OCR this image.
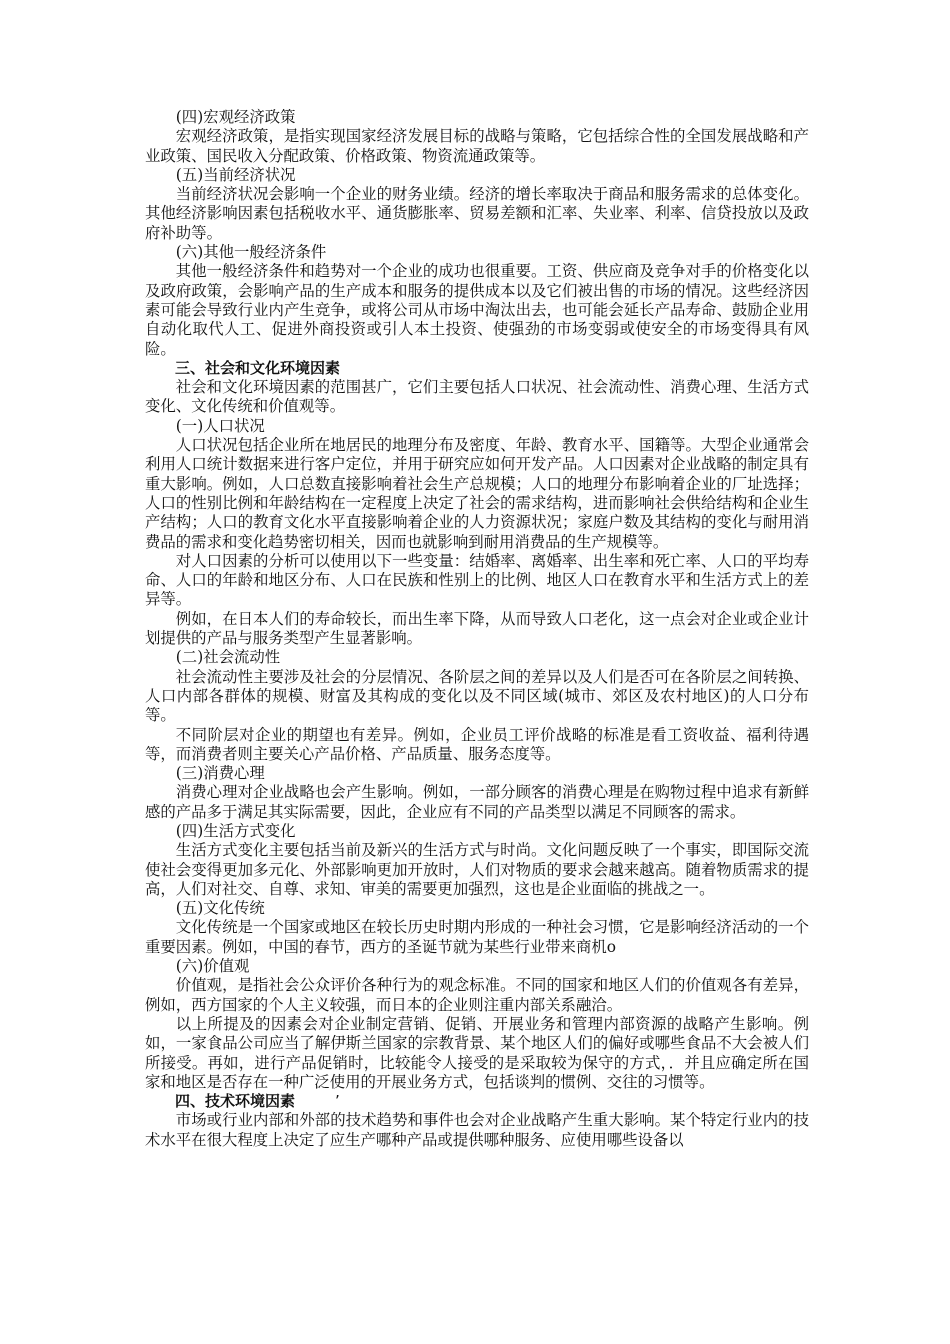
(四)宏观经济政策

宏观经济政策，是指实现国家经济发展目标的战略与策略，它包括综合性的全国发展战略和产业政策、国民收入分配政策、价格政策、物资流通政策等。

(五)当前经济状况

当前经济状况会影响一个企业的财务业绩。经济的增长率取决于商品和服务需求的总体变化。其他经济影响因素包括税收水平、通货膨胀率、贸易差额和汇率、失业率、利率、信贷投放以及政府补助等。

(六)其他一般经济条件

其他一般经济条件和趋势对一个企业的成功也很重要。工资、供应商及竞争对手的价格变化以及政府政策，会影响产品的生产成本和服务的提供成本以及它们被出售的市场的情况。这些经济因素可能会导致行业内产生竞争，或将公司从市场中淘汰出去，也可能会延长产品寿命、鼓励企业用自动化取代人工、促进外商投资或引人本土投资、使强劲的市场变弱或使安全的市场变得具有风险。

三、社会和文化环境因素

社会和文化环境因素的范围甚广，它们主要包括人口状况、社会流动性、消费心理、生活方式变化、文化传统和价值观等。

(一)人口状况

人口状况包括企业所在地居民的地理分布及密度、年龄、教育水平、国籍等。大型企业通常会利用人口统计数据来进行客户定位，并用于研究应如何开发产品。人口因素对企业战略的制定具有重大影响。例如，人口总数直接影响着社会生产总规模；人口的地理分布影响着企业的厂址选择；人口的性别比例和年龄结构在一定程度上决定了社会的需求结构，进而影响社会供给结构和企业生产结构；人口的教育文化水平直接影响着企业的人力资源状况；家庭户数及其结构的变化与耐用消费品的需求和变化趋势密切相关，因而也就影响到耐用消费品的生产规模等。

对人口因素的分析可以使用以下一些变量：结婚率、离婚率、出生率和死亡率、人口的平均寿命、人口的年龄和地区分布、人口在民族和性别上的比例、地区人口在教育水平和生活方式上的差异等。

例如，在日本人们的寿命较长，而出生率下降，从而导致人口老化，这一点会对企业或企业计划提供的产品与服务类型产生显著影响。

(二)社会流动性

社会流动性主要涉及社会的分层情况、各阶层之间的差异以及人们是否可在各阶层之间转换、人口内部各群体的规模、财富及其构成的变化以及不同区域(城市、郊区及农村地区)的人口分布等。

不同阶层对企业的期望也有差异。例如，企业员工评价战略的标准是看工资收益、福利待遇等，而消费者则主要关心产品价格、产品质量、服务态度等。

(三)消费心理

消费心理对企业战略也会产生影响。例如，一部分顾客的消费心理是在购物过程中追求有新鲜感的产品多于满足其实际需要，因此，企业应有不同的产品类型以满足不同顾客的需求。

(四)生活方式变化

生活方式变化主要包括当前及新兴的生活方式与时尚。文化问题反映了一个事实，即国际交流使社会变得更加多元化、外部影响更加开放时，人们对物质的要求会越来越高。随着物质需求的提高，人们对社交、自尊、求知、审美的需要更加强烈，这也是企业面临的挑战之一。

(五)文化传统

文化传统是一个国家或地区在较长历史时期内形成的一种社会习惯，它是影响经济活动的一个重要因素。例如，中国的春节，西方的圣诞节就为某些行业带来商机o

(六)价值观

价值观，是指社会公众评价各种行为的观念标准。不同的国家和地区人们的价值观各有差异，例如，西方国家的个人主义较强，而日本的企业则注重内部关系融洽。

以上所提及的因素会对企业制定营销、促销、开展业务和管理内部资源的战略产生影响。例如，一家食品公司应当了解伊斯兰国家的宗教背景、某个地区人们的偏好或哪些食品不大会被人们所接受。再如，进行产品促销时，比较能令人接受的是采取较为保守的方式，．并且应确定所在国家和地区是否存在一种广泛使用的开展业务方式，包括谈判的惯例、交往的习惯等。

四、技术环境因素	’

市场或行业内部和外部的技术趋势和事件也会对企业战略产生重大影响。某个特定行业内的技术水平在很大程度上决定了应生产哪种产品或提供哪种服务、应使用哪些设备以
